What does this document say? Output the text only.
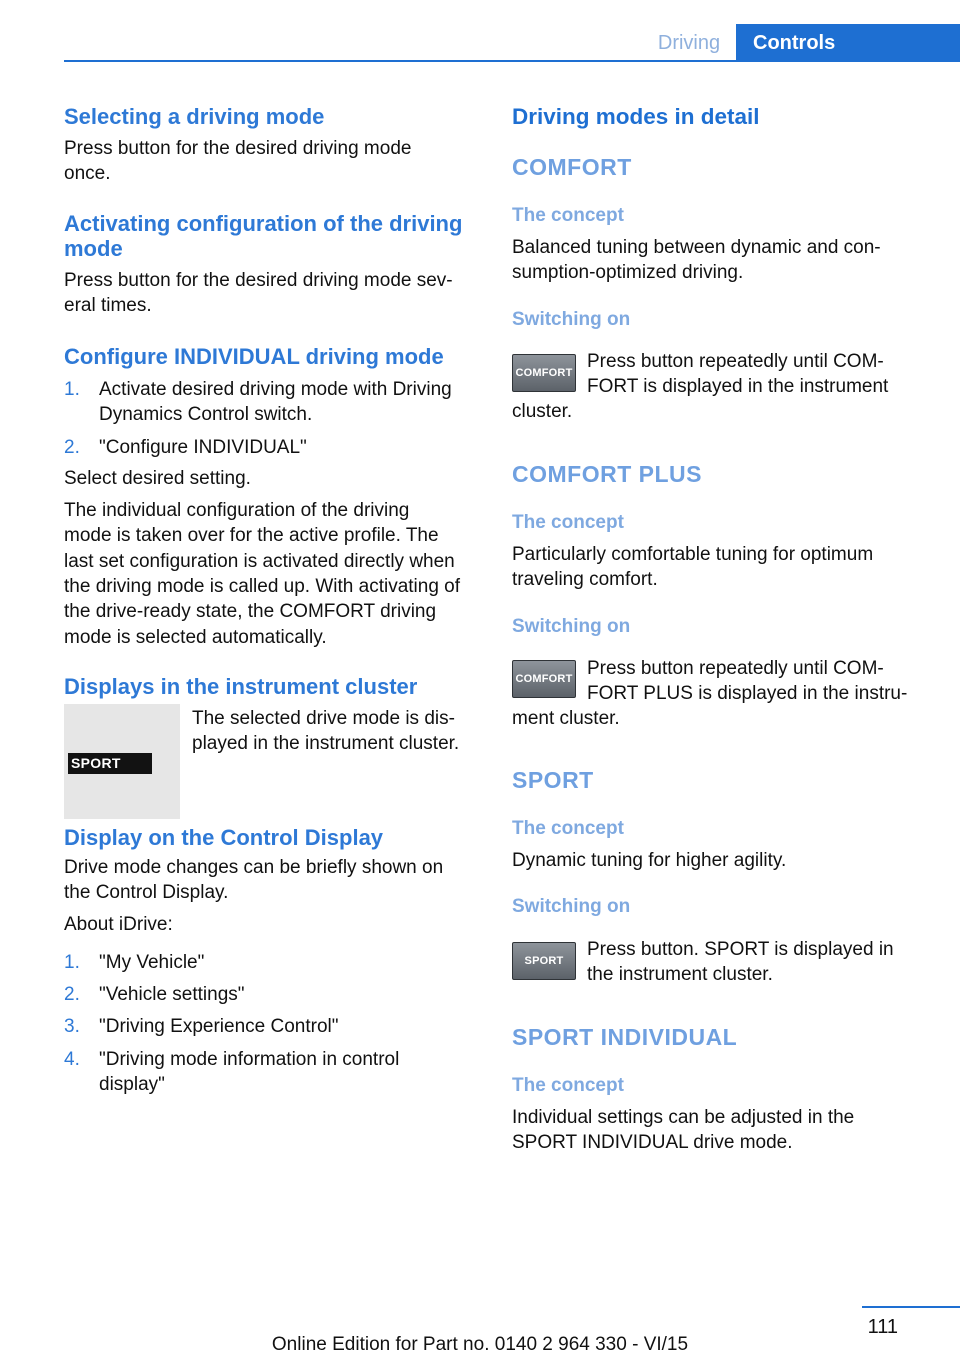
Driving	Controls
Selecting a driving mode

Press button for the desired driving mode

once.

Activating configuration of the driving
mode

Press button for the desired driving mode sev‐

eral times.

Configure INDIVIDUAL driving mode
1. Activate desired driving mode with Driving
Dynamics Control switch.
2. "Configure INDIVIDUAL"

Select desired setting.

The individual configuration of the driving

mode is taken over for the active profile. The

last set configuration is activated directly when

the driving mode is called up. With activating of

the drive-ready state, the COMFORT driving

mode is selected automatically.

Displays in the instrument cluster
SPORT

The selected drive mode is dis‐

played in the instrument cluster.

Display on the Control Display

Drive mode changes can be briefly shown on

the Control Display.

About iDrive:

1. "My Vehicle"
2. "Vehicle settings"
3. "Driving Experience Control"
4. "Driving mode information in control
display"
Driving modes in detail
COMFORT
The concept

Balanced tuning between dynamic and con‐

sumption-optimized driving.

Switching on
COMFORT

Press button repeatedly until COM‐

FORT is displayed in the instrument

cluster.

COMFORT PLUS
The concept

Particularly comfortable tuning for optimum

traveling comfort.

Switching on
COMFORT Press button repeatedly until COM‐

FORT PLUS is displayed in the instru‐

ment cluster.

SPORT
The concept

Dynamic tuning for higher agility.

Switching on
SPORT

Press button. SPORT is displayed in

the instrument cluster.

SPORT INDIVIDUAL
The concept

Individual settings can be adjusted in the

SPORT INDIVIDUAL drive mode.

111
Online Edition for Part no. 0140 2 964 330 - VI/15
